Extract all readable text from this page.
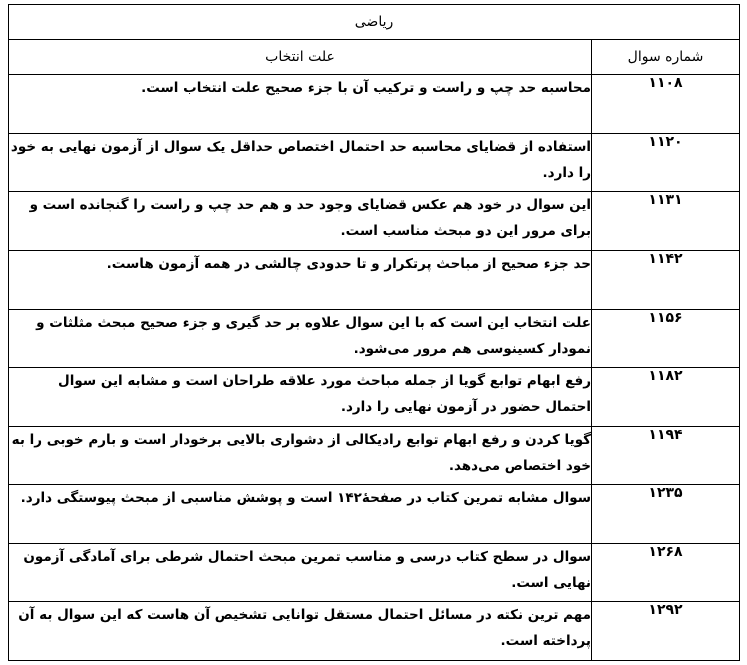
ریاضی	
شماره سوال	علت انتخاب
۱۱۰۸	محاسبه حد چپ و راست و ترکیب آن با جزء صحیح علت انتخاب است.
۱۱۲۰	استفاده از قضایای محاسبه حد احتمال اختصاص حداقل یک سوال از آزمون نهایی به خود را دارد.
۱۱۳۱	این سوال در خود هم عکس قضایای وجود حد و هم حد چپ و راست را گنجانده است و برای مرور این دو مبحث مناسب است.
۱۱۴۲	حد جزء صحیح از مباحث پرتکرار و تا حدودی چالشی در همه آزمون هاست.
۱۱۵۶	علت انتخاب این است که با این سوال علاوه بر حد گیری و جزء صحیح مبحث مثلثات و نمودار کسینوسی هم مرور می‌شود.
۱۱۸۲	رفع ابهام توابع گویا از جمله مباحث مورد علاقه طراحان است و مشابه این سوال احتمال حضور در آزمون نهایی را دارد.
۱۱۹۴	گویا کردن و رفع ابهام توابع رادیکالی از دشواری بالایی برخودار است و بارم خوبی را به خود اختصاص می‌دهد.
۱۲۳۵	سوال مشابه تمرین کتاب در صفحهٔ۱۴۲ است و پوشش مناسبی از مبحث پیوستگی دارد.
۱۲۶۸	سوال در سطح کتاب درسی و مناسب تمرین مبحث احتمال شرطی برای آمادگی آزمون نهایی است.
۱۲۹۲	مهم ترین نکته در مسائل احتمال مستقل توانایی تشخیص آن هاست که این سوال به آن پرداخته است.
